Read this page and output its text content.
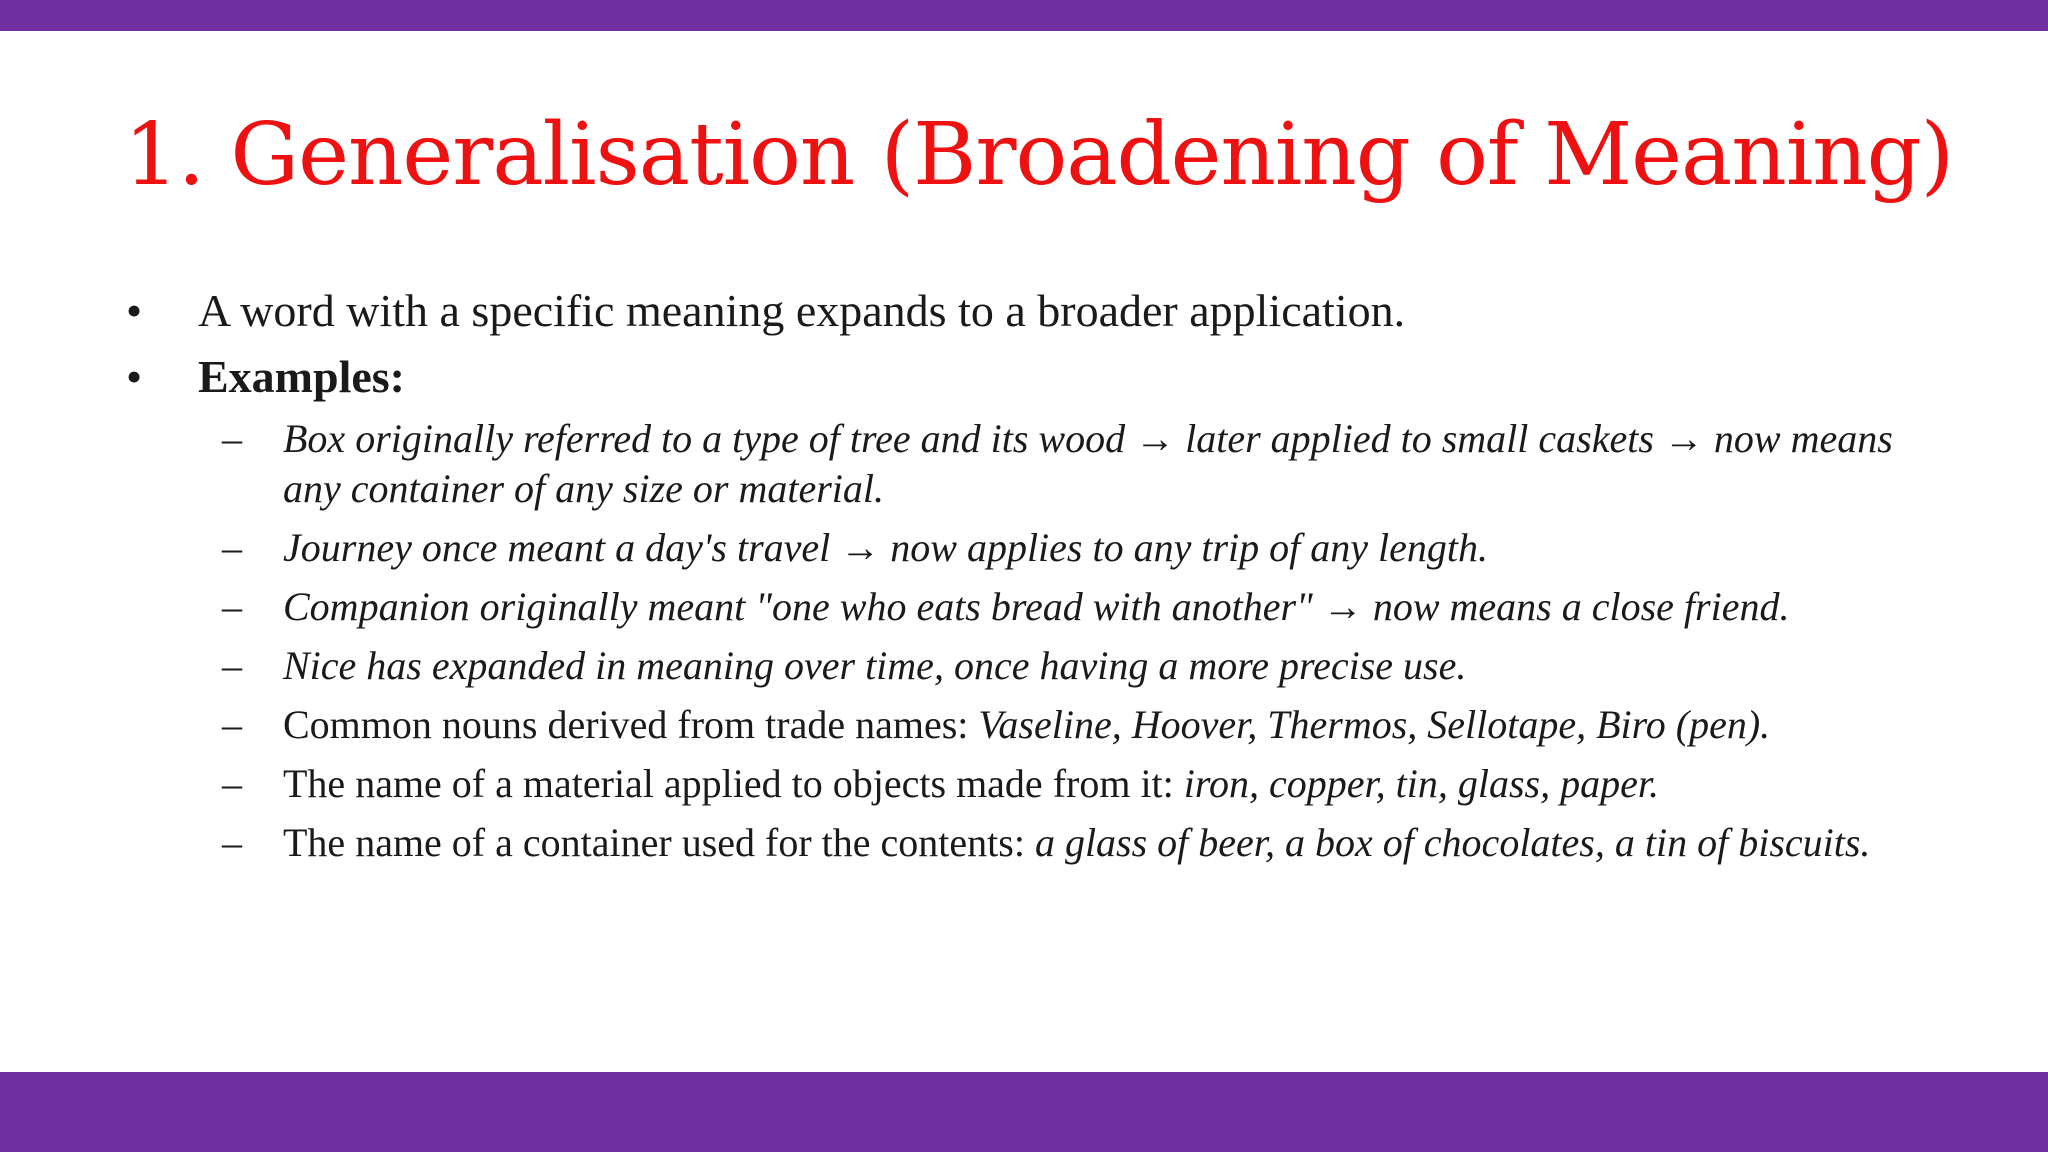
1. Generalisation (Broadening of Meaning)

• A word with a specific meaning expands to a broader application.

• Examples:

– Box originally referred to a type of tree and its wood → later applied to small caskets → now means any container of any size or material.

– Journey once meant a day's travel → now applies to any trip of any length.

– Companion originally meant "one who eats bread with another" → now means a close friend.

– Nice has expanded in meaning over time, once having a more precise use.

– Common nouns derived from trade names: Vaseline, Hoover, Thermos, Sellotape, Biro (pen).

– The name of a material applied to objects made from it: iron, copper, tin, glass, paper.

– The name of a container used for the contents: a glass of beer, a box of chocolates, a tin of biscuits.
